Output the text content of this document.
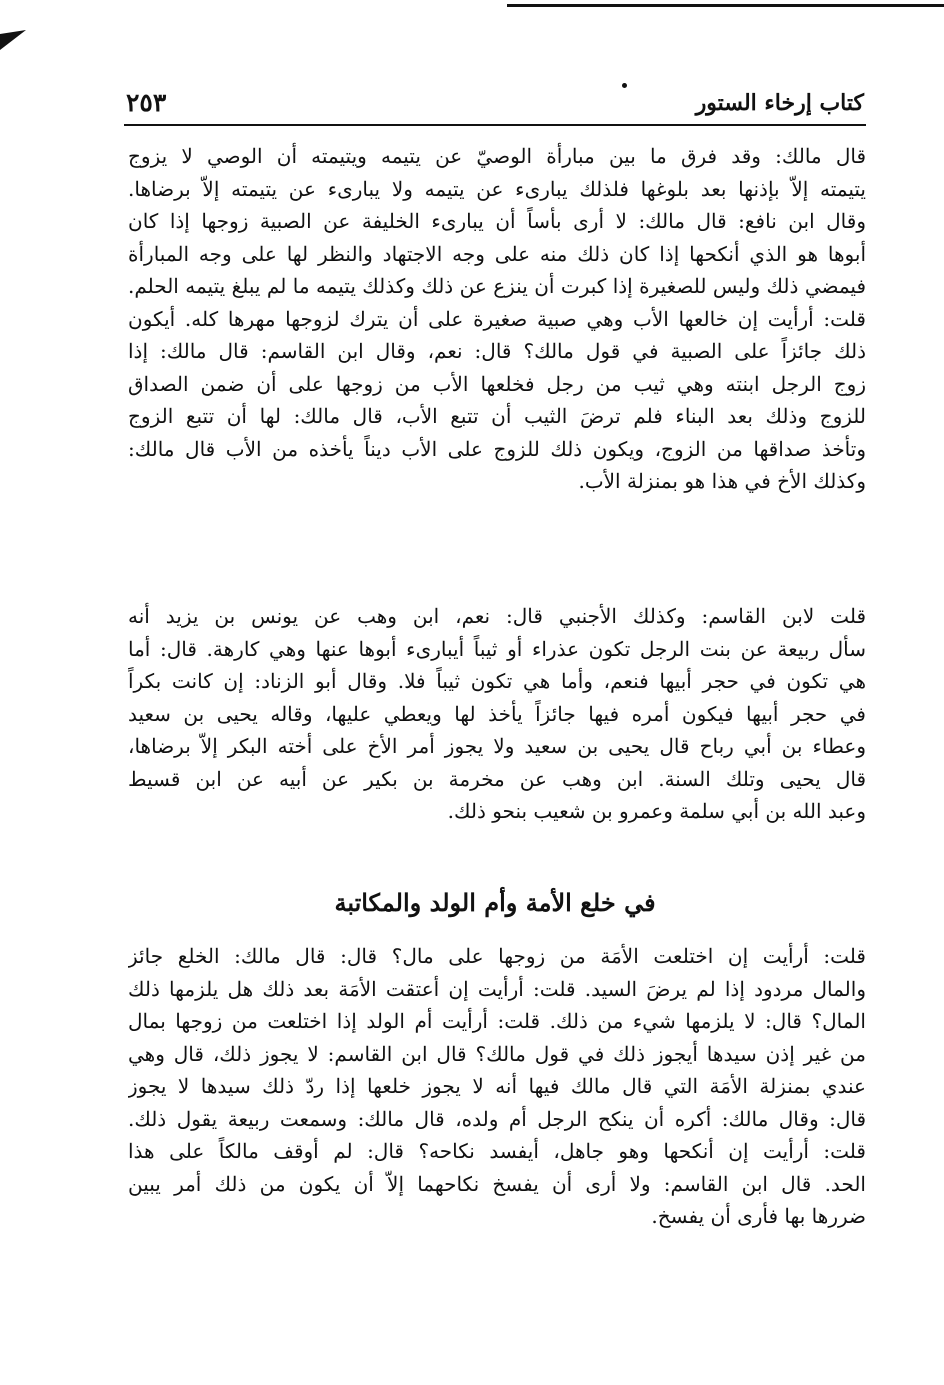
كتاب إرخاء الستور
٢٥٣
قال مالك: وقد فرق ما بين مبارأة الوصيّ عن يتيمه ويتيمته أن الوصي لا يزوج
يتيمته إلاّ بإذنها بعد بلوغها فلذلك يبارىء عن يتيمه ولا يبارىء عن يتيمته إلاّ برضاها.
وقال ابن نافع: قال مالك: لا أرى بأساً أن يبارىء الخليفة عن الصبية زوجها إذا كان
أبوها هو الذي أنكحها إذا كان ذلك منه على وجه الاجتهاد والنظر لها على وجه المبارأة
فيمضي ذلك وليس للصغيرة إذا كبرت أن ينزع عن ذلك وكذلك يتيمه ما لم يبلغ يتيمه الحلم.
قلت: أرأيت إن خالعها الأب وهي صبية صغيرة على أن يترك لزوجها مهرها كله. أيكون
ذلك جائزاً على الصبية في قول مالك؟ قال: نعم، وقال ابن القاسم: قال مالك: إذا
زوج الرجل ابنته وهي ثيب من رجل فخلعها الأب من زوجها على أن ضمن الصداق
للزوج وذلك بعد البناء فلم ترضَ الثيب أن تتبع الأب، قال مالك: لها أن تتبع الزوج
وتأخذ صداقها من الزوج، ويكون ذلك للزوج على الأب ديناً يأخذه من الأب قال مالك:
وكذلك الأخ في هذا هو بمنزلة الأب.
قلت لابن القاسم: وكذلك الأجنبي قال: نعم، ابن وهب عن يونس بن يزيد أنه
سأل ربيعة عن بنت الرجل تكون عذراء أو ثيباً أيبارىء أبوها عنها وهي كارهة. قال: أما
هي تكون في حجر أبيها فنعم، وأما هي تكون ثيباً فلا. وقال أبو الزناد: إن كانت بكراً
في حجر أبيها فيكون أمره فيها جائزاً يأخذ لها ويعطي عليها، وقاله يحيى بن سعيد
وعطاء بن أبي رباح قال يحيى بن سعيد ولا يجوز أمر الأخ على أخته البكر إلاّ برضاها،
قال يحيى وتلك السنة. ابن وهب عن مخرمة بن بكير عن أبيه عن ابن قسيط
وعبد الله بن أبي سلمة وعمرو بن شعيب بنحو ذلك.
في خلع الأمة وأم الولد والمكاتبة
قلت: أرأيت إن اختلعت الأمَة من زوجها على مال؟ قال: قال مالك: الخلع جائز
والمال مردود إذا لم يرضَ السيد. قلت: أرأيت إن أعتقت الأمَة بعد ذلك هل يلزمها ذلك
المال؟ قال: لا يلزمها شيء من ذلك. قلت: أرأيت أم الولد إذا اختلعت من زوجها بمال
من غير إذن سيدها أيجوز ذلك في قول مالك؟ قال ابن القاسم: لا يجوز ذلك، قال وهي
عندي بمنزلة الأمَة التي قال مالك فيها أنه لا يجوز خلعها إذا ردّ ذلك سيدها لا يجوز
قال: وقال مالك: أكره أن ينكح الرجل أم ولده، قال مالك: وسمعت ربيعة يقول ذلك.
قلت: أرأيت إن أنكحها وهو جاهل، أيفسد نكاحه؟ قال: لم أوقف مالكاً على هذا
الحد. قال ابن القاسم: ولا أرى أن يفسخ نكاحهما إلاّ أن يكون من ذلك أمر يبين
ضررها بها فأرى أن يفسخ.
